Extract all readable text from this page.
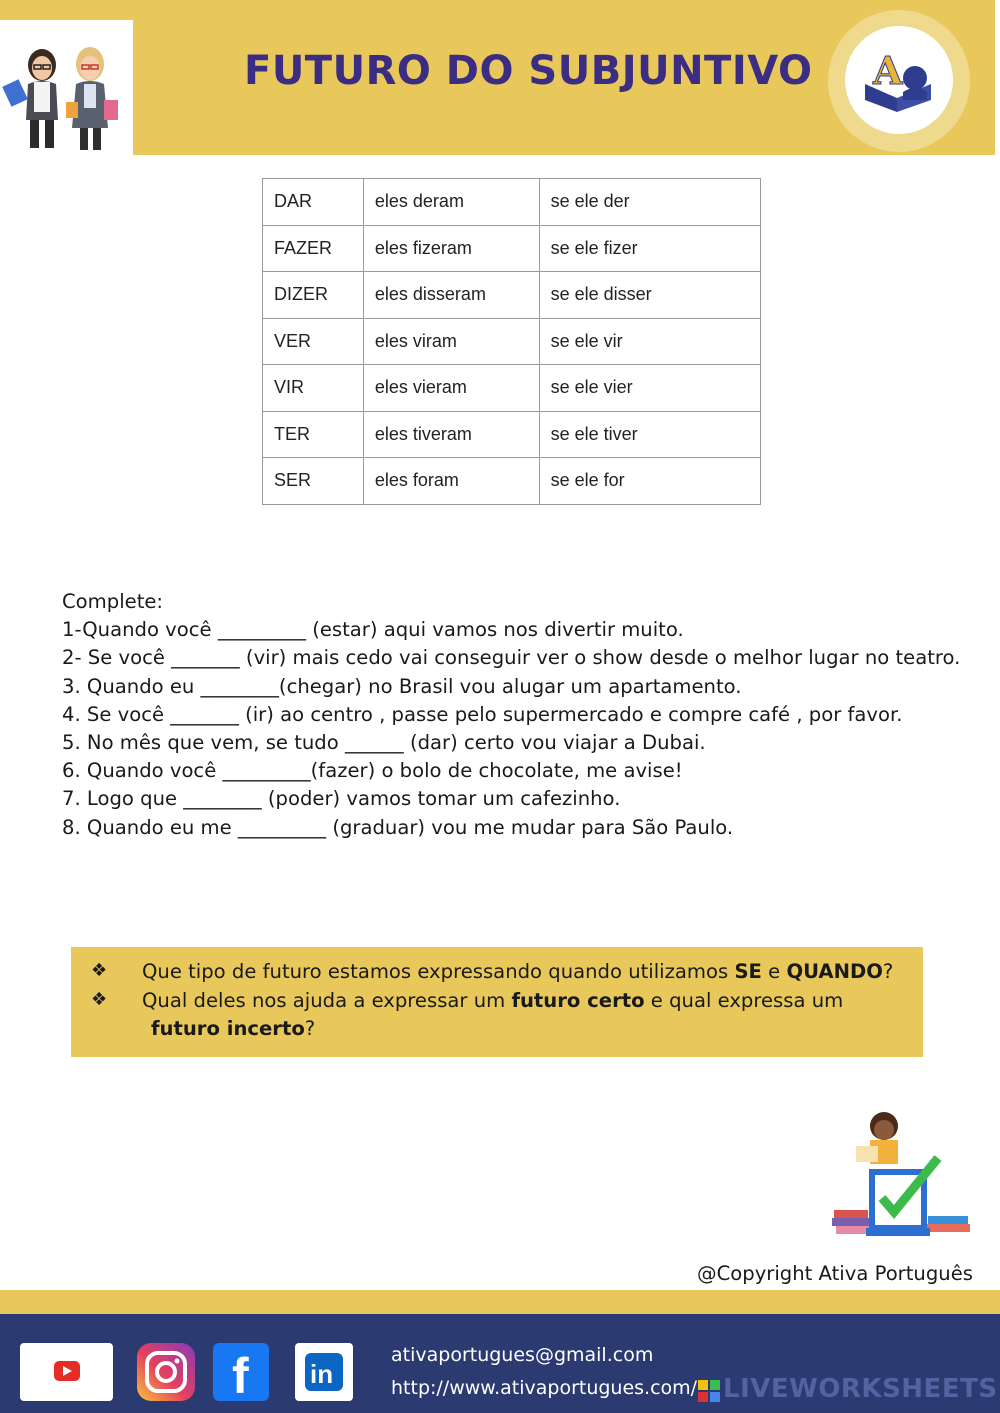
FUTURO DO SUBJUNTIVO A
DAR	eles deram	se ele der
FAZER	eles fizeram	se ele fizer
DIZER	eles disseram	se ele disser
VER	eles viram	se ele vir
VIR	eles vieram	se ele vier
TER	eles tiveram	se ele tiver
SER	eles foram	se ele for
Complete:
1-Quando você _________ (estar) aqui vamos nos divertir muito.
2- Se você _______ (vir) mais cedo vai conseguir ver o show desde o melhor lugar no teatro.
3. Quando eu ________(chegar) no Brasil vou alugar um apartamento.
4. Se você _______ (ir) ao centro , passe pelo supermercado e compre café , por favor.
5. No mês que vem, se tudo ______ (dar) certo vou viajar a Dubai.
6. Quando você _________(fazer) o bolo de chocolate, me avise!
7. Logo que ________ (poder) vamos tomar um cafezinho.
8. Quando eu me _________ (graduar) vou me mudar para São Paulo.
❖ Que tipo de futuro estamos expressando quando utilizamos SE e QUANDO?
❖ Qual deles nos ajuda a expressar um futuro certo e qual expressa um
futuro incerto?
@Copyright Ativa Português
f in
ativaportugues@gmail.com
http://www.ativaportugues.com/ LIVEWORKSHEETS
